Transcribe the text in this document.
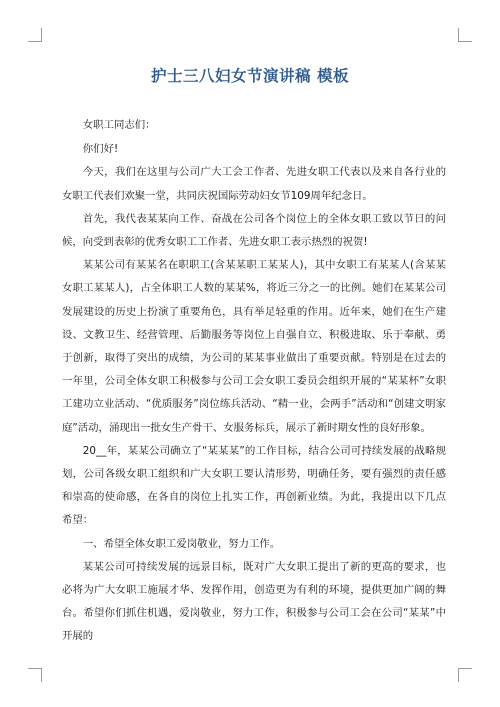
护士三八妇女节演讲稿 模板

女职工同志们：

你们好!

今天，我们在这里与公司广大工会工作者、先进女职工代表以及来自各行业的女职工代表们欢聚一堂，共同庆祝国际劳动妇女节109周年纪念日。

首先，我代表某某向工作、奋战在公司各个岗位上的全体女职工致以节日的问候，向受到表彰的优秀女职工工作者、先进女职工表示热烈的祝贺!

某某公司有某某名在职职工(含某某职工某某人)，其中女职工有某某人(含某某女职工某某人)，占全体职工人数的某某%，将近三分之一的比例。她们在某某公司发展建设的历史上扮演了重要角色，具有举足轻重的作用。近年来，她们在生产建设、文教卫生、经营管理、后勤服务等岗位上自强自立、积极进取、乐于奉献、勇于创新，取得了突出的成绩，为公司的某某事业做出了重要贡献。特别是在过去的一年里，公司全体女职工积极参与公司工会女职工委员会组织开展的“某某杯”女职工建功立业活动、“优质服务”岗位练兵活动、“精一业，会两手”活动和“创建文明家庭”活动，涌现出一批女生产骨干、女服务标兵，展示了新时期女性的良好形象。

20__年，某某公司确立了“某某某”的工作目标，结合公司可持续发展的战略规划，公司各级女职工组织和广大女职工要认清形势，明确任务，要有强烈的责任感和崇高的使命感，在各自的岗位上扎实工作，再创新业绩。为此，我提出以下几点希望：

一、希望全体女职工爱岗敬业，努力工作。

某某公司可持续发展的远景目标，既对广大女职工提出了新的更高的要求，也必将为广大女职工施展才华、发挥作用，创造更为有利的环境，提供更加广阔的舞台。希望你们抓住机遇，爱岗敬业，努力工作，积极参与公司工会在公司“某某”中开展的
